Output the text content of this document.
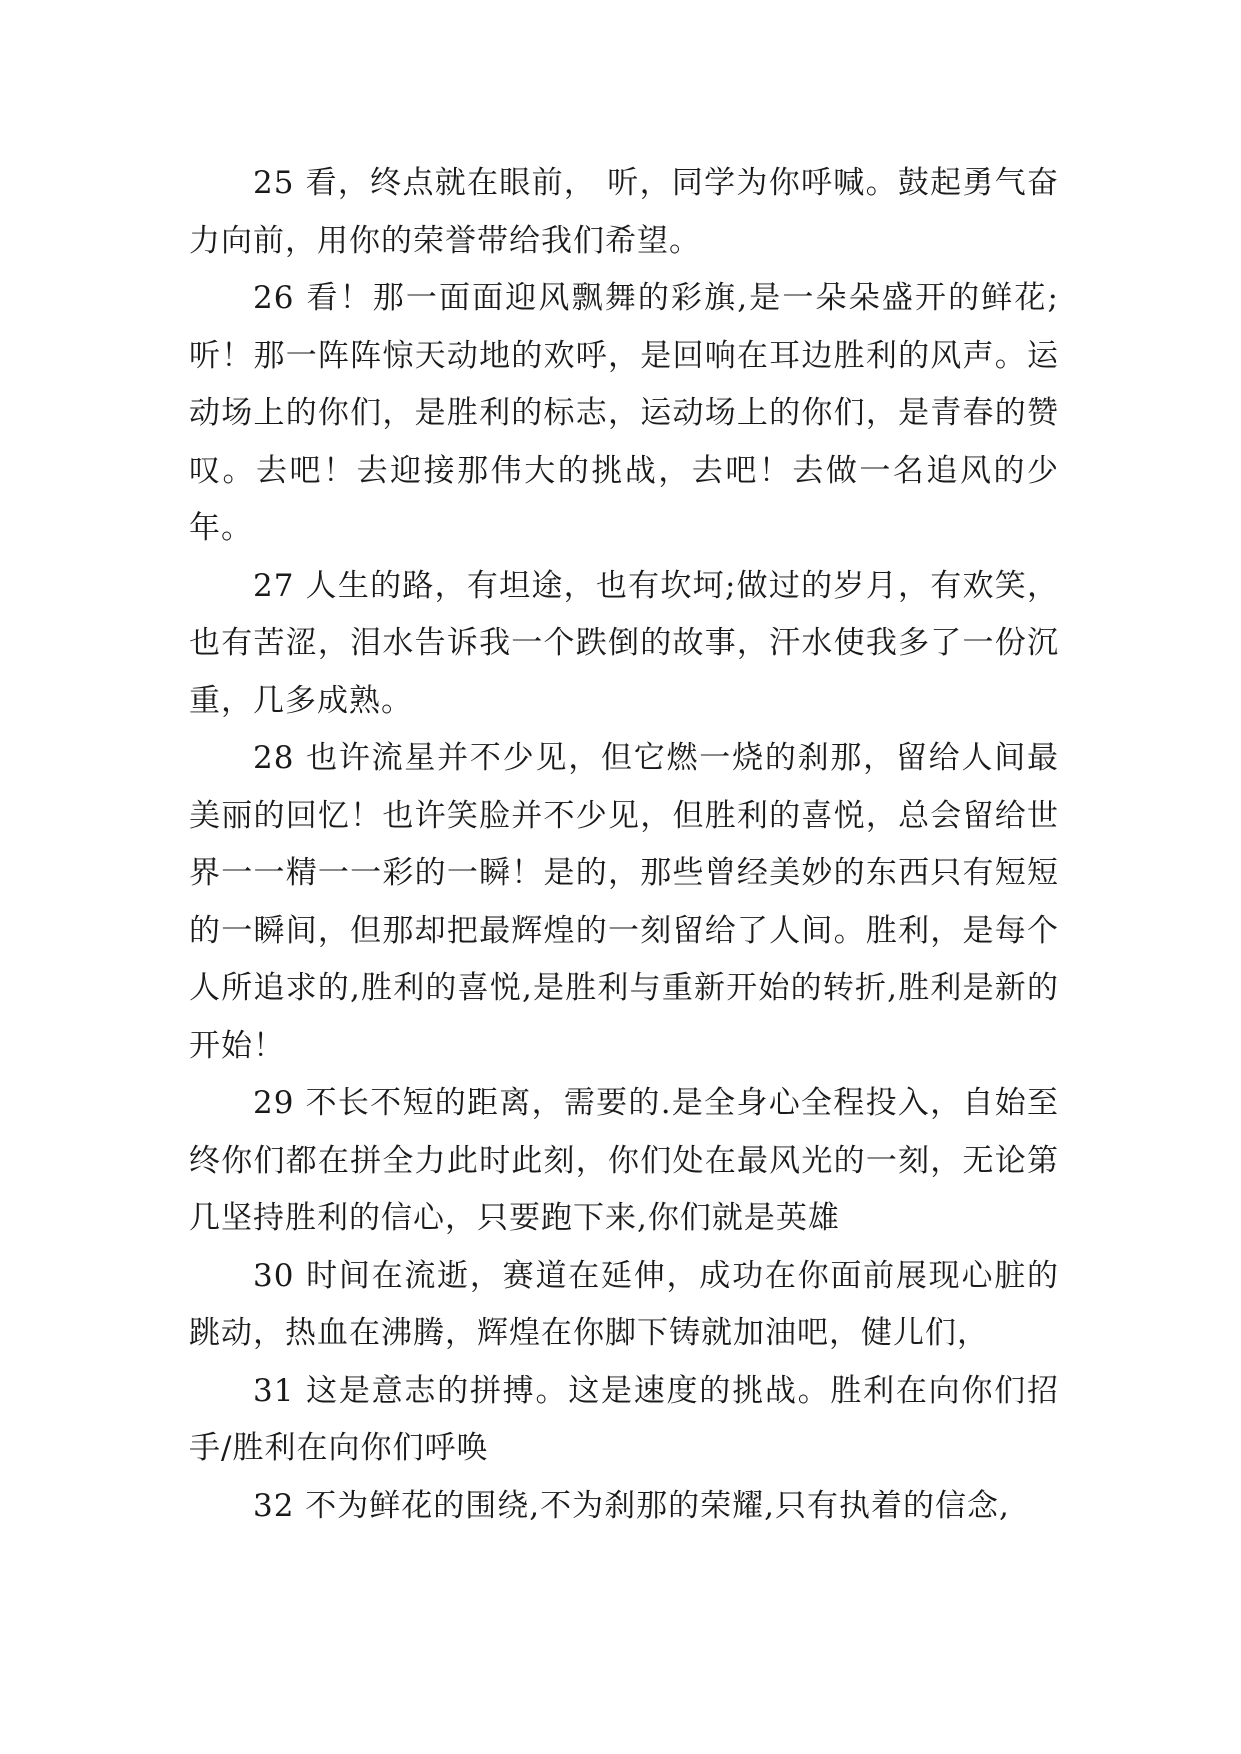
25 看，终点就在眼前， 听，同学为你呼喊。鼓起勇气奋力向前，用你的荣誉带给我们希望。

26 看！那一面面迎风飘舞的彩旗,是一朵朵盛开的鲜花;听！那一阵阵惊天动地的欢呼，是回响在耳边胜利的风声。运动场上的你们，是胜利的标志，运动场上的你们，是青春的赞叹。去吧！去迎接那伟大的挑战，去吧！去做一名追风的少年。

27 人生的路，有坦途，也有坎坷;做过的岁月，有欢笑，也有苦涩，泪水告诉我一个跌倒的故事，汗水使我多了一份沉重，几多成熟。

28 也许流星并不少见，但它燃一烧的刹那，留给人间最美丽的回忆！也许笑脸并不少见，但胜利的喜悦，总会留给世界一一精一一彩的一瞬！是的，那些曾经美妙的东西只有短短的一瞬间，但那却把最辉煌的一刻留给了人间。胜利，是每个人所追求的,胜利的喜悦,是胜利与重新开始的转折,胜利是新的开始！

29 不长不短的距离，需要的.是全身心全程投入，自始至终你们都在拼全力此时此刻，你们处在最风光的一刻，无论第几坚持胜利的信心，只要跑下来,你们就是英雄

30 时间在流逝，赛道在延伸，成功在你面前展现心脏的跳动，热血在沸腾，辉煌在你脚下铸就加油吧，健儿们，

31 这是意志的拼搏。这是速度的挑战。胜利在向你们招手/胜利在向你们呼唤

32 不为鲜花的围绕,不为刹那的荣耀,只有执着的信念,
